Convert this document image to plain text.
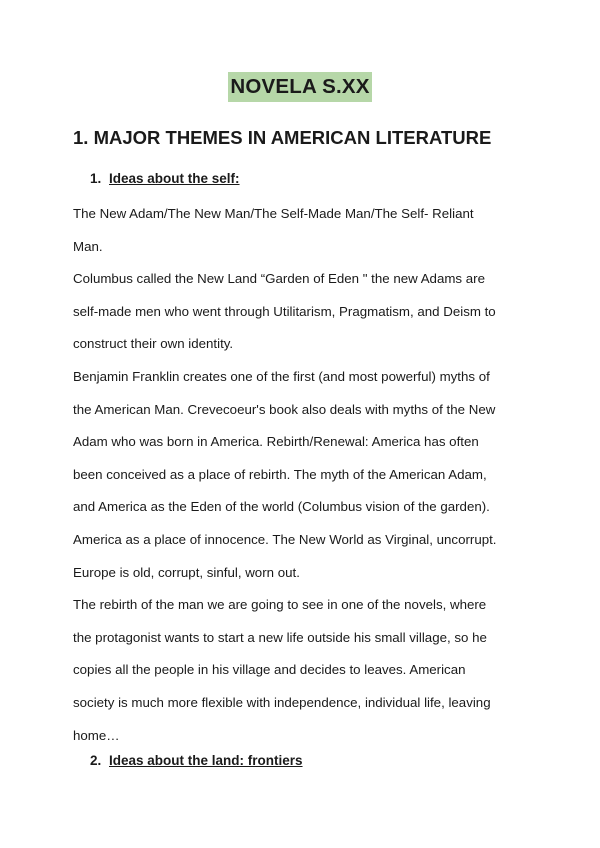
NOVELA S.XX
1. MAJOR THEMES IN AMERICAN LITERATURE
1. Ideas about the self:
The New Adam/The New Man/The Self-Made Man/The Self- Reliant
Man.
Columbus called the New Land “Garden of Eden " the new Adams are
self-made men who went through Utilitarism, Pragmatism, and Deism to
construct their own identity.
Benjamin Franklin creates one of the first (and most powerful) myths of
the American Man. Crevecoeur's book also deals with myths of the New
Adam who was born in America. Rebirth/Renewal: America has often
been conceived as a place of rebirth. The myth of the American Adam,
and America as the Eden of the world (Columbus vision of the garden).
America as a place of innocence. The New World as Virginal, uncorrupt.
Europe is old, corrupt, sinful, worn out.
The rebirth of the man we are going to see in one of the novels, where
the protagonist wants to start a new life outside his small village, so he
copies all the people in his village and decides to leaves. American
society is much more flexible with independence, individual life, leaving
home…
2. Ideas about the land: frontiers
